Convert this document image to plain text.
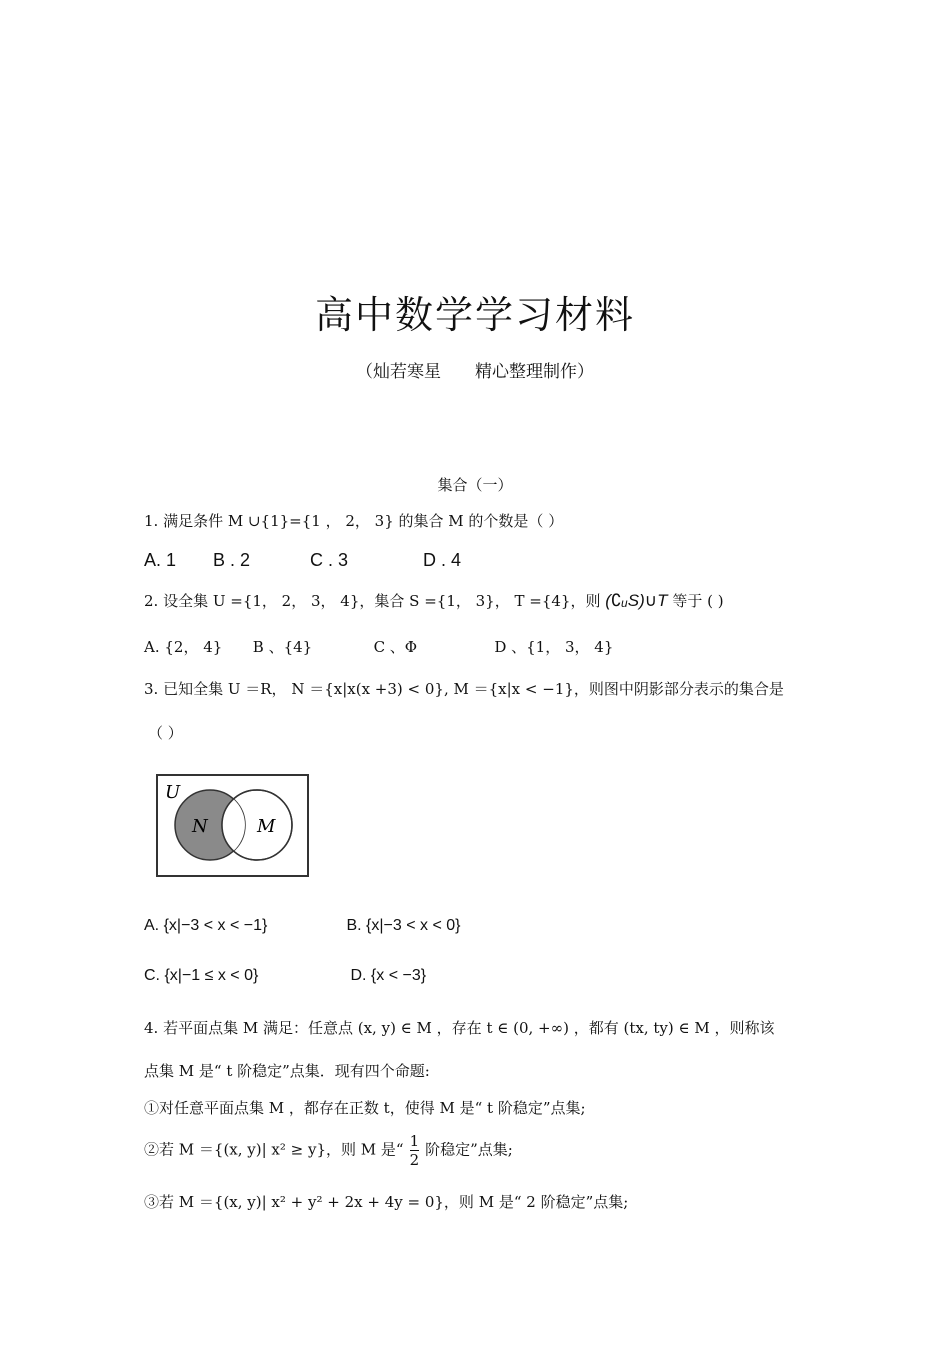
高中数学学习材料
（灿若寒星　　精心整理制作）
集合（一）
1. 满足条件 M ∪{1}={1 ， 2， 3} 的集合 M 的个数是（ ）
A. 1 B . 2	C . 3	D . 4
2. 设全集 U ={1， 2， 3， 4}，集合 S ={1， 3}， T ={4}，则 (∁ᵤS)∪T 等于 ( )
A. {2， 4} B 、{4}	C 、Φ	D 、{1， 3， 4}
3. 已知全集 U ＝R， N ＝{x|x(x +3) < 0}, M ＝{x|x < −1}，则图中阴影部分表示的集合是
（ ）
U
N	M
A. {x|−3 < x < −1}	B. {x|−3 < x < 0}
C. {x|−1 ≤ x < 0}	D. {x < −3}
4. 若平面点集 M 满足：任意点 (x, y) ∈ M ，存在 t ∈ (0, +∞) ，都有 (tx, ty) ∈ M ，则称该
点集 M 是“ t 阶稳定”点集．现有四个命题:
①对任意平面点集 M ，都存在正数 t，使得 M 是“ t 阶稳定”点集;
②若 M ＝{(x, y)| x² ≥ y}，则 M 是“ $\frac{1}{2}$ 阶稳定”点集;
③若 M ＝{(x, y)| x² + y² + 2x + 4y = 0}，则 M 是“ 2 阶稳定”点集;
